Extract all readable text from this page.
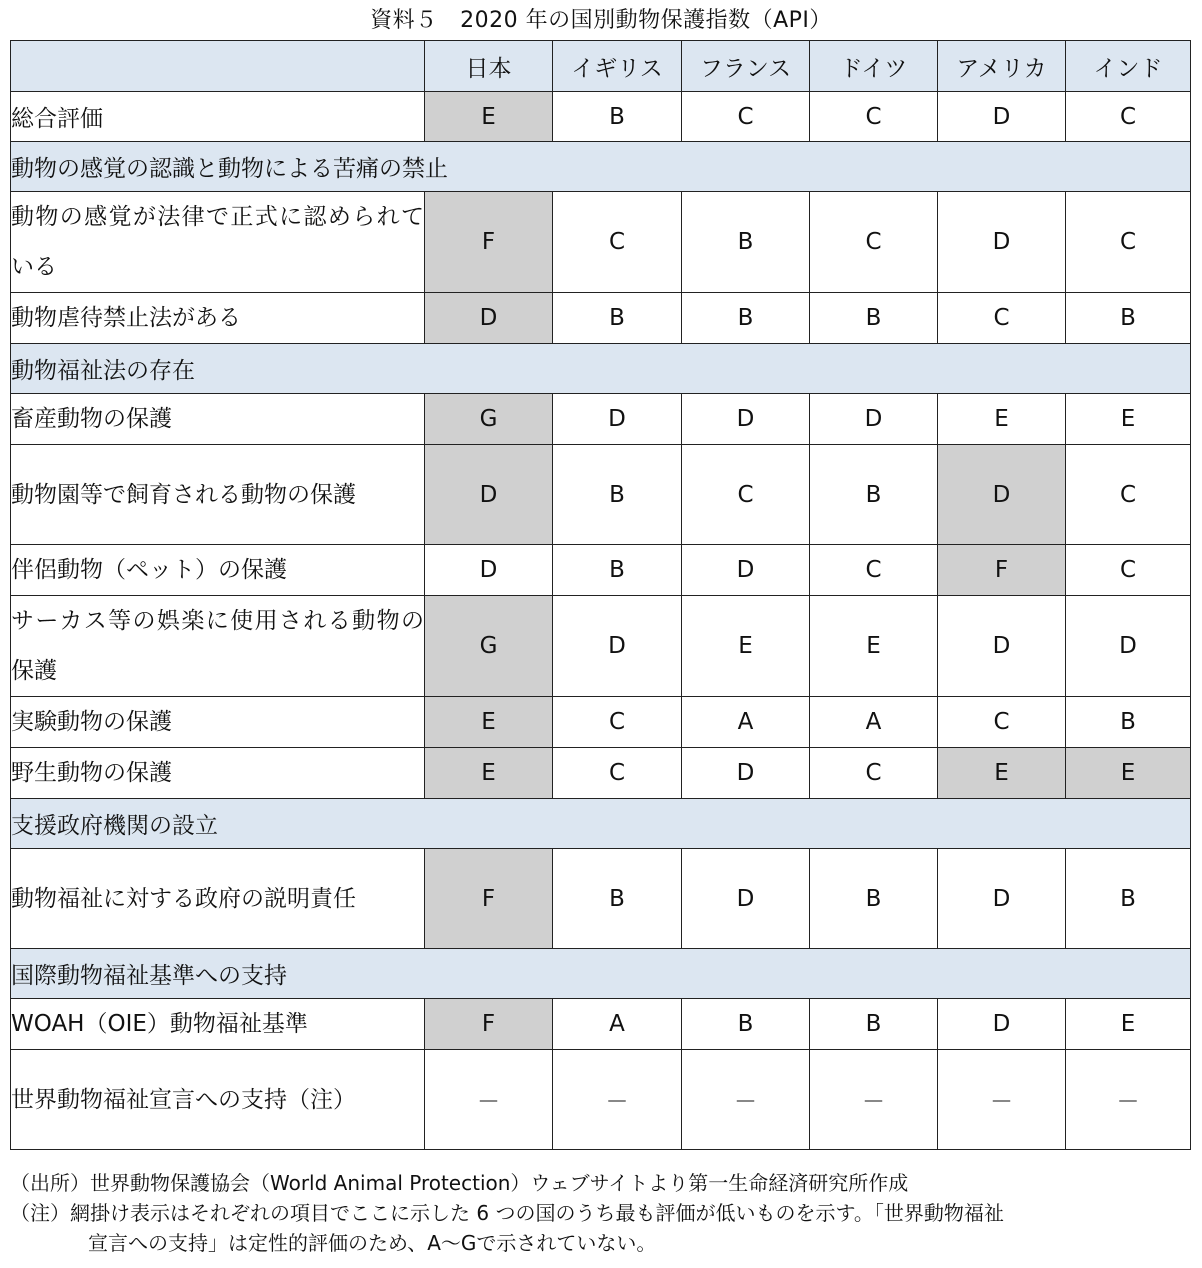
資料５　2020 年の国別動物保護指数（API）
	日本	イギリス	フランス	ドイツ	アメリカ	インド
総合評価	E	B	C	C	D	C
動物の感覚の認識と動物による苦痛の禁止						
動物の感覚が法律で正式に認められている	F	C	B	C	D	C
動物虐待禁止法がある	D	B	B	B	C	B
動物福祉法の存在						
畜産動物の保護	G	D	D	D	E	E
動物園等で飼育される動物の保護	D	B	C	B	D	C
伴侶動物（ペット）の保護	D	B	D	C	F	C
サーカス等の娯楽に使用される動物の保護	G	D	E	E	D	D
実験動物の保護	E	C	A	A	C	B
野生動物の保護	E	C	D	C	E	E
支援政府機関の設立						
動物福祉に対する政府の説明責任	F	B	D	B	D	B
国際動物福祉基準への支持						
WOAH（OIE）動物福祉基準	F	A	B	B	D	E
世界動物福祉宣言への支持（注）	－	－	－	－	－	－
（出所）世界動物保護協会（World Animal Protection）ウェブサイトより第一生命経済研究所作成
（注）網掛け表示はそれぞれの項目でここに示した 6 つの国のうち最も評価が低いものを示す。「世界動物福祉
宣言への支持」は定性的評価のため、A～Gで示されていない。
